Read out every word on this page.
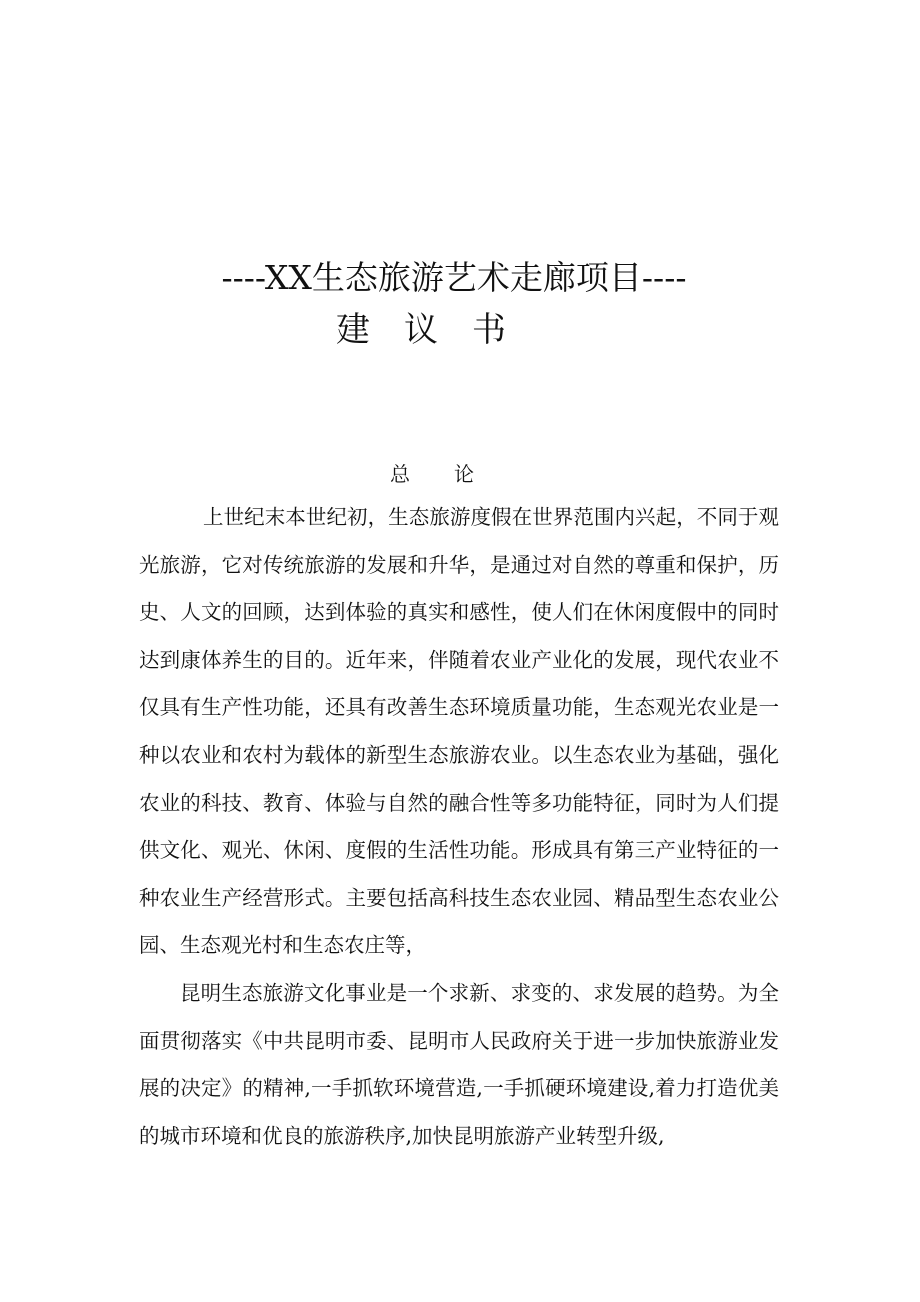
----XX生态旅游艺术走廊项目----
建议书
总论

上世纪末本世纪初，生态旅游度假在世界范围内兴起，不同于观光旅游，它对传统旅游的发展和升华，是通过对自然的尊重和保护，历史、人文的回顾，达到体验的真实和感性，使人们在休闲度假中的同时达到康体养生的目的。近年来，伴随着农业产业化的发展，现代农业不仅具有生产性功能，还具有改善生态环境质量功能，生态观光农业是一种以农业和农村为载体的新型生态旅游农业。以生态农业为基础，强化农业的科技、教育、体验与自然的融合性等多功能特征，同时为人们提供文化、观光、休闲、度假的生活性功能。形成具有第三产业特征的一种农业生产经营形式。主要包括高科技生态农业园、精品型生态农业公园、生态观光村和生态农庄等，

昆明生态旅游文化事业是一个求新、求变的、求发展的趋势。为全面贯彻落实《中共昆明市委、昆明市人民政府关于进一步加快旅游业发展的决定》的精神,一手抓软环境营造,一手抓硬环境建设,着力打造优美的城市环境和优良的旅游秩序,加快昆明旅游产业转型升级,
